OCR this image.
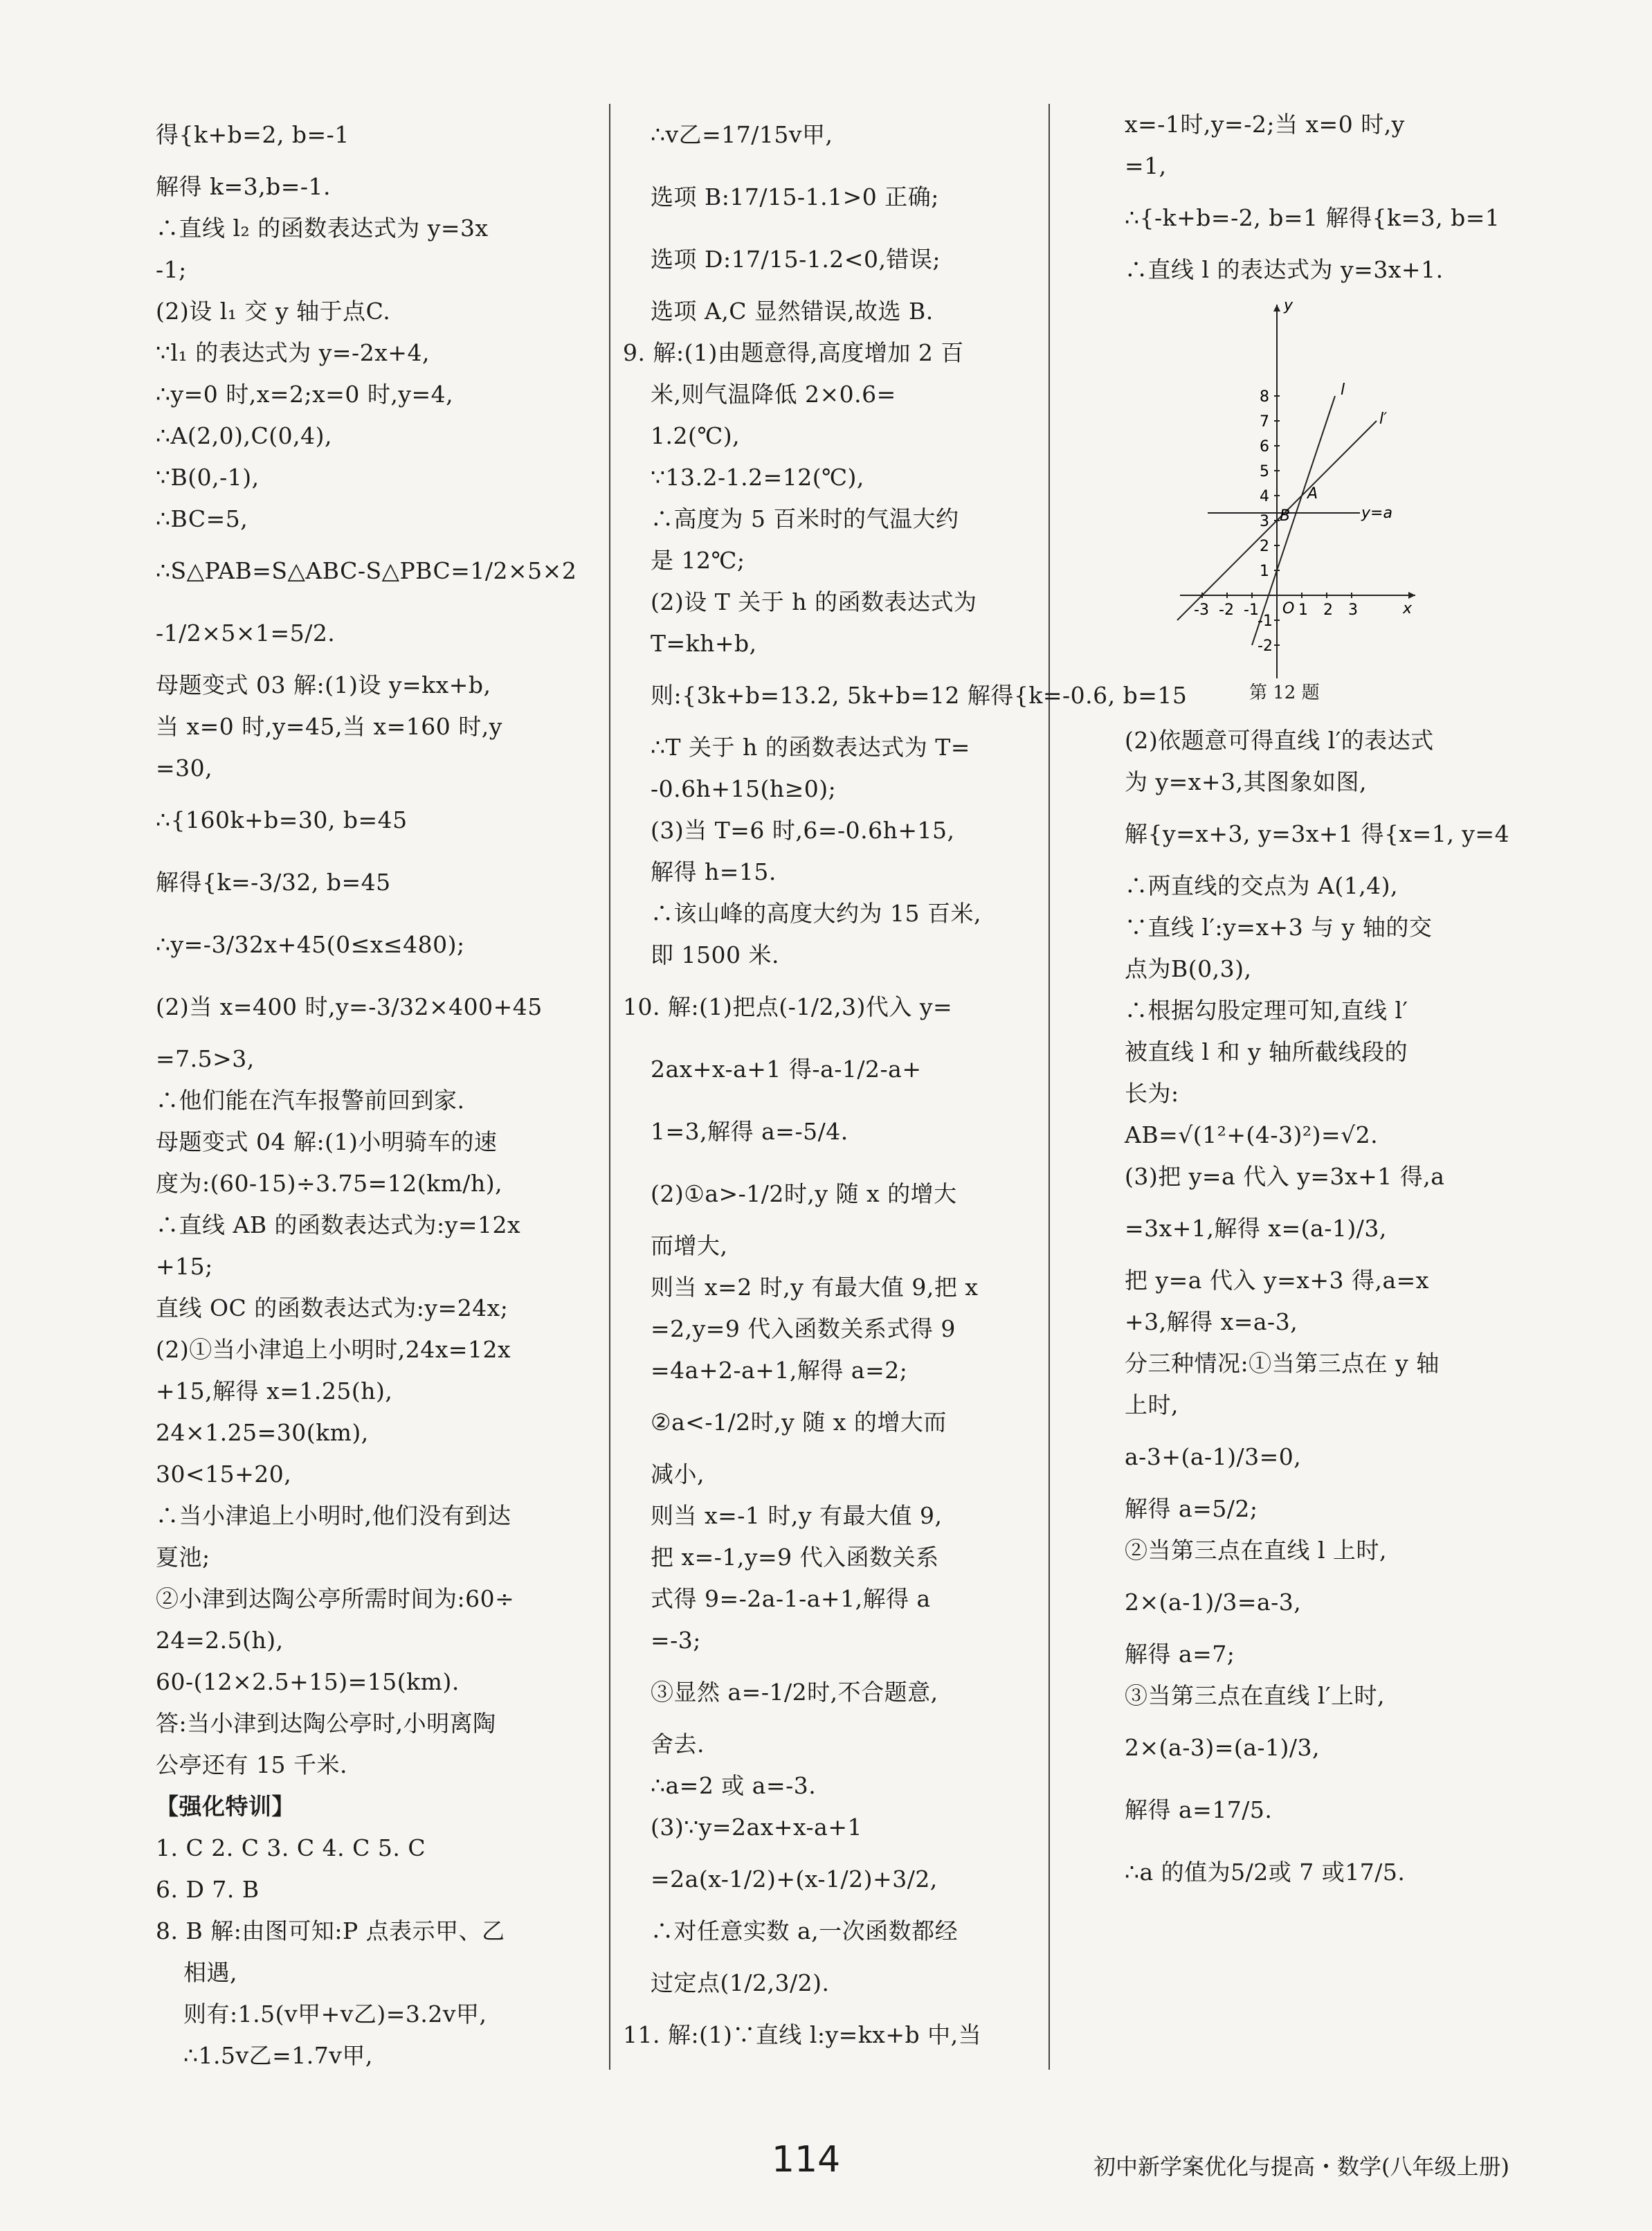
得{k+b=2, b=-1
解得 k=3,b=-1.
∴直线 l₂ 的函数表达式为 y=3x
-1;
(2)设 l₁ 交 y 轴于点C.
∵l₁ 的表达式为 y=-2x+4,
∴y=0 时,x=2;x=0 时,y=4,
∴A(2,0),C(0,4),
∵B(0,-1),
∴BC=5,
∴S△PAB=S△ABC-S△PBC=1/2×5×2
-1/2×5×1=5/2.
母题变式 03 解:(1)设 y=kx+b,
当 x=0 时,y=45,当 x=160 时,y
=30,
∴{160k+b=30, b=45
解得{k=-3/32, b=45
∴y=-3/32x+45(0≤x≤480);
(2)当 x=400 时,y=-3/32×400+45
=7.5>3,
∴他们能在汽车报警前回到家.
母题变式 04 解:(1)小明骑车的速
度为:(60-15)÷3.75=12(km/h),
∴直线 AB 的函数表达式为:y=12x
+15;
直线 OC 的函数表达式为:y=24x;
(2)①当小津追上小明时,24x=12x
+15,解得 x=1.25(h),
24×1.25=30(km),
30<15+20,
∴当小津追上小明时,他们没有到达
夏池;
②小津到达陶公亭所需时间为:60÷
24=2.5(h),
60-(12×2.5+15)=15(km).
答:当小津到达陶公亭时,小明离陶
公亭还有 15 千米.
【强化特训】
1. C 2. C 3. C 4. C 5. C
6. D 7. B
8. B 解:由图可知:P 点表示甲、乙
相遇,
则有:1.5(v甲+v乙)=3.2v甲,
∴1.5v乙=1.7v甲,
∴v乙=17/15v甲,
选项 B:17/15-1.1>0 正确;
选项 D:17/15-1.2<0,错误;
选项 A,C 显然错误,故选 B.
9. 解:(1)由题意得,高度增加 2 百
米,则气温降低 2×0.6=
1.2(℃),
∵13.2-1.2=12(℃),
∴高度为 5 百米时的气温大约
是 12℃;
(2)设 T 关于 h 的函数表达式为
T=kh+b,
则:{3k+b=13.2, 5k+b=12 解得{k=-0.6, b=15
∴T 关于 h 的函数表达式为 T=
-0.6h+15(h≥0);
(3)当 T=6 时,6=-0.6h+15,
解得 h=15.
∴该山峰的高度大约为 15 百米,
即 1500 米.
10. 解:(1)把点(-1/2,3)代入 y=
2ax+x-a+1 得-a-1/2-a+
1=3,解得 a=-5/4.
(2)①a>-1/2时,y 随 x 的增大
而增大,
则当 x=2 时,y 有最大值 9,把 x
=2,y=9 代入函数关系式得 9
=4a+2-a+1,解得 a=2;
②a<-1/2时,y 随 x 的增大而
减小,
则当 x=-1 时,y 有最大值 9,
把 x=-1,y=9 代入函数关系
式得 9=-2a-1-a+1,解得 a
=-3;
③显然 a=-1/2时,不合题意,
舍去.
∴a=2 或 a=-3.
(3)∵y=2ax+x-a+1
=2a(x-1/2)+(x-1/2)+3/2,
∴对任意实数 a,一次函数都经
过定点(1/2,3/2).
11. 解:(1)∵直线 l:y=kx+b 中,当
x=-1时,y=-2;当 x=0 时,y
=1,
∴{-k+b=-2, b=1 解得{k=3, b=1
∴直线 l 的表达式为 y=3x+1.
-3 -2 -1	1 2 3
8
7
6
5
4
3
2
1
-1
-2
O	x
y
l
l′
y=a
A
B
第 12 题
(2)依题意可得直线 l′的表达式
为 y=x+3,其图象如图,
解{y=x+3, y=3x+1 得{x=1, y=4
∴两直线的交点为 A(1,4),
∵直线 l′:y=x+3 与 y 轴的交
点为B(0,3),
∴根据勾股定理可知,直线 l′
被直线 l 和 y 轴所截线段的
长为:
AB=√(1²+(4-3)²)=√2.
(3)把 y=a 代入 y=3x+1 得,a
=3x+1,解得 x=(a-1)/3,
把 y=a 代入 y=x+3 得,a=x
+3,解得 x=a-3,
分三种情况:①当第三点在 y 轴
上时,
a-3+(a-1)/3=0,
解得 a=5/2;
②当第三点在直线 l 上时,
2×(a-1)/3=a-3,
解得 a=7;
③当第三点在直线 l′上时,
2×(a-3)=(a-1)/3,
解得 a=17/5.
∴a 的值为5/2或 7 或17/5.
114	初中新学案优化与提高・数学(八年级上册)
